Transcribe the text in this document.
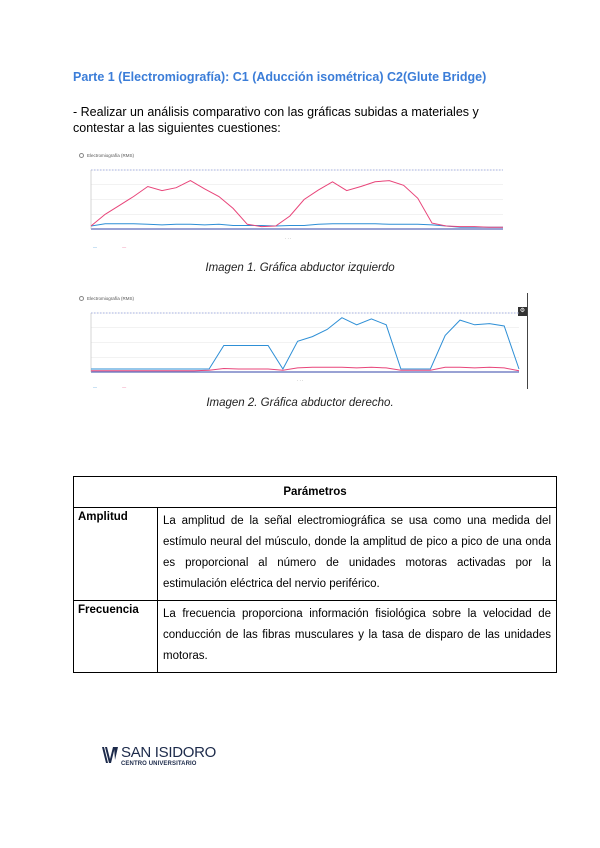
Parte 1 (Electromiografía): C1 (Aducción isométrica) C2(Glute Bridge)
- Realizar un análisis comparativo con las gráficas subidas a materiales y contestar a las siguientes cuestiones:
Electromiografía (RMS)
· · ·
—	—
Imagen 1. Gráfica abductor izquierdo
Electromiografía (RMS)
⚙
· · ·
—	—
Imagen 2. Gráfica abductor derecho.
Parámetros	
Amplitud	La amplitud de la señal electromiográfica se usa como una medida del estímulo neural del músculo, donde la amplitud de pico a pico de una onda es proporcional al número de unidades motoras activadas por la estimulación eléctrica del nervio periférico.
Frecuencia	La frecuencia proporciona información fisiológica sobre la velocidad de conducción de las fibras musculares y la tasa de disparo de las unidades motoras.
SAN ISIDORO
CENTRO UNIVERSITARIO
